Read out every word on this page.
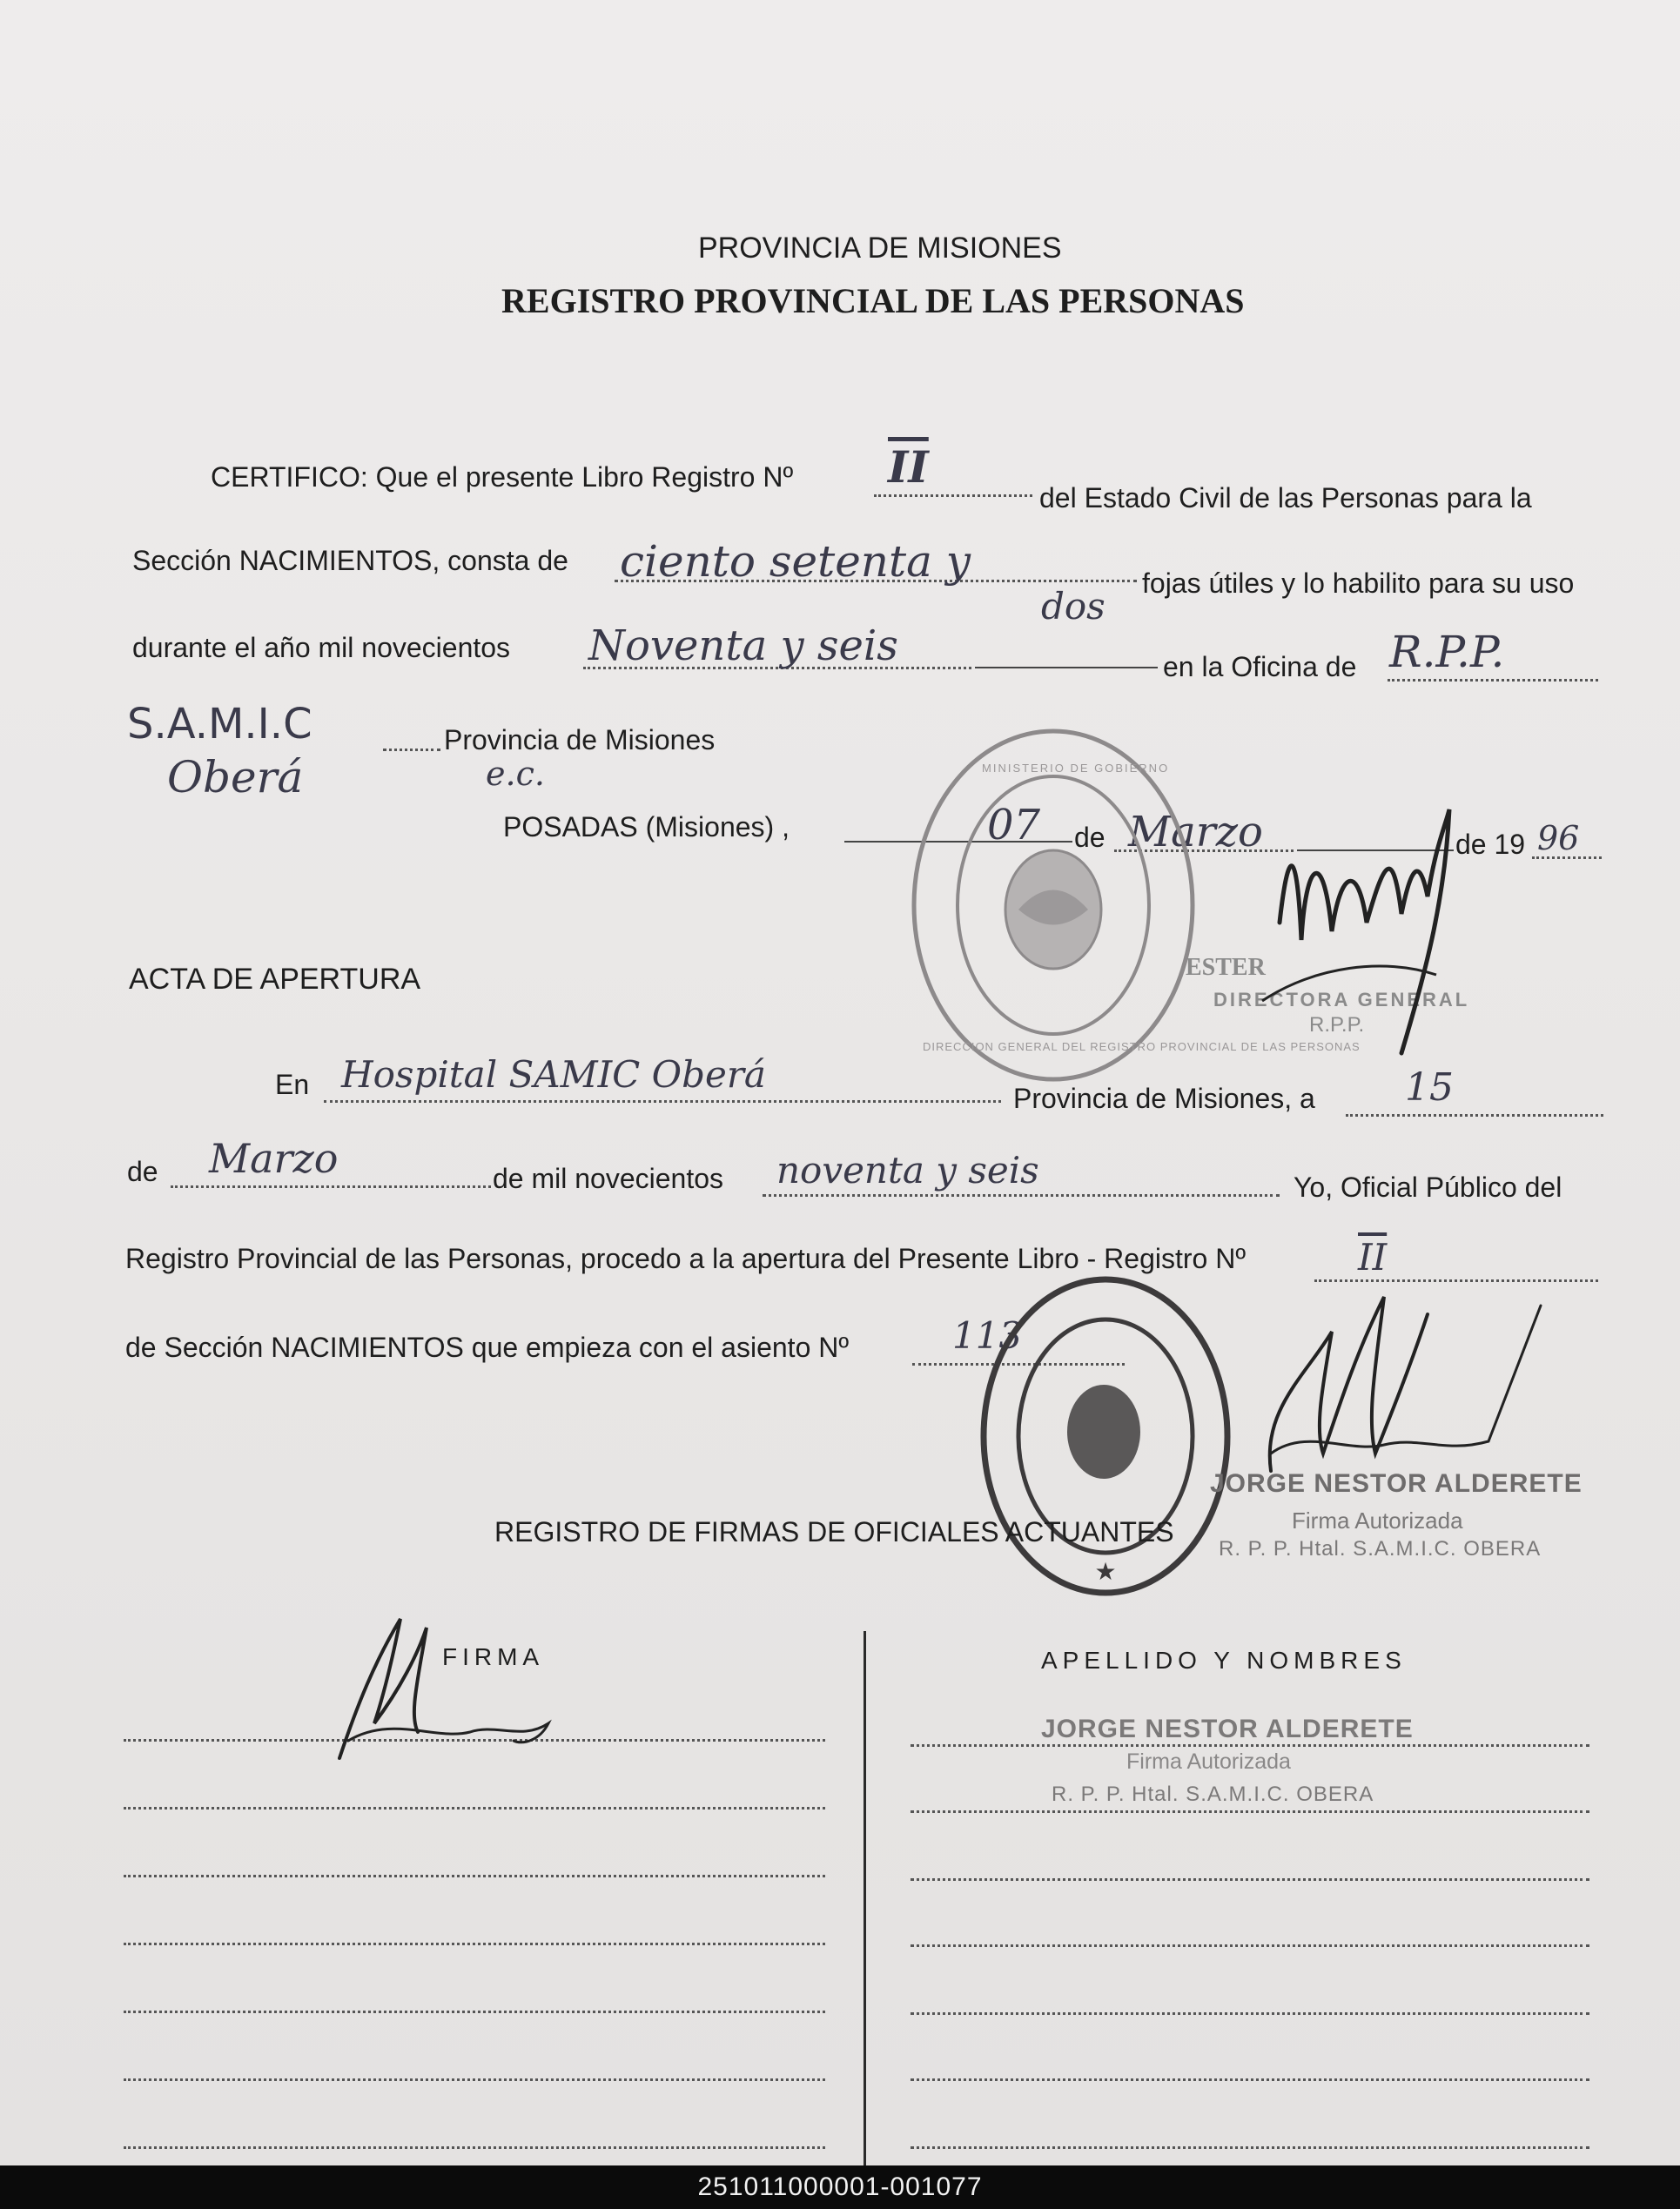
PROVINCIA DE MISIONES
REGISTRO PROVINCIAL DE LAS PERSONAS
CERTIFICO: Que el presente Libro Registro Nº $\overline{II}$
del Estado Civil de las Personas para la
Sección NACIMIENTOS, consta de ciento setenta y
dos
fojas útiles y lo habilito para su uso
durante el año mil novecientos Noventa y seis	en la Oficina de R.P.P.
S.A.M.I.C	Provincia de Misiones
Oberá	e.c.
POSADAS (Misiones) ,	07 de Marzo	de 19 96
ESTER
DIRECTORA GENERAL
R.P.P.
DIRECCION GENERAL DEL REGISTRO PROVINCIAL DE LAS PERSONAS
MINISTERIO DE GOBIERNO
ACTA DE APERTURA
En Hospital SAMIC Oberá
Provincia de Misiones, a 15
de Marzo	de mil novecientos noventa y seis	Yo, Oficial Público del
Registro Provincial de las Personas, procedo a la apertura del Presente Libro - Registro Nº	$\overline{II}$
de Sección NACIMIENTOS que empieza con el asiento Nº	113
★
JORGE NESTOR ALDERETE
Firma Autorizada
R. P. P. Htal. S.A.M.I.C. OBERA
REGISTRO DE FIRMAS DE OFICIALES ACTUANTES
FIRMA	APELLIDO Y NOMBRES
JORGE NESTOR ALDERETE
Firma Autorizada
R. P. P. Htal. S.A.M.I.C. OBERA
251011000001-001077
